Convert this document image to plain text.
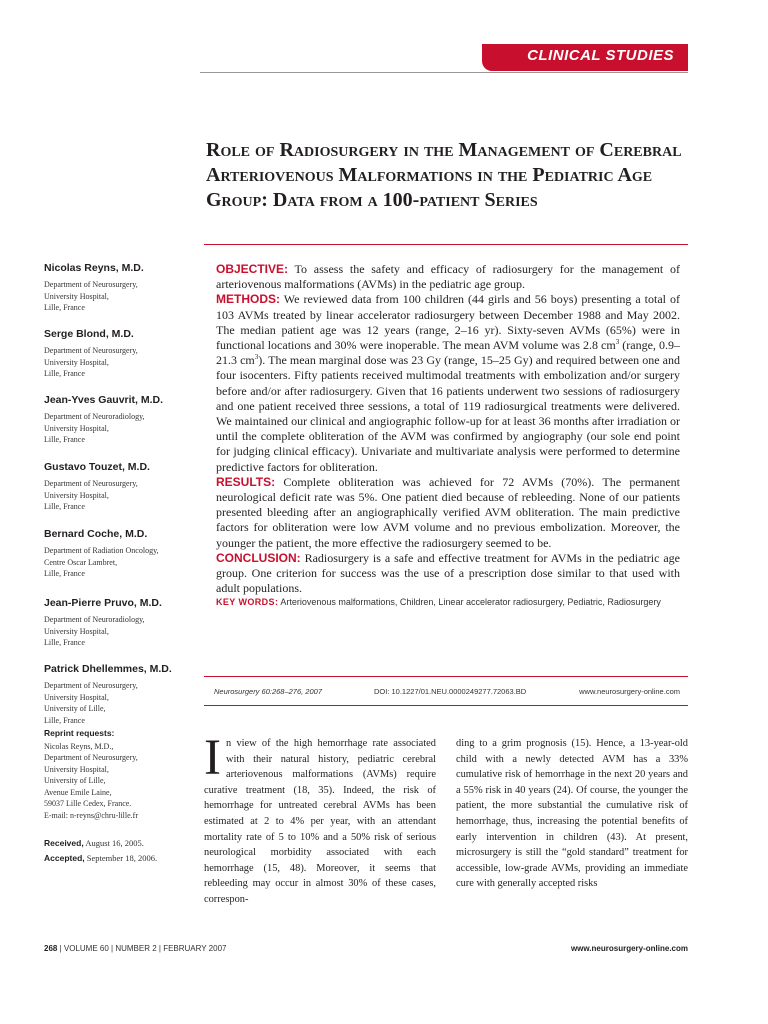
CLINICAL STUDIES
Role of Radiosurgery in the Management of Cerebral Arteriovenous Malformations in the Pediatric Age Group: Data from a 100-patient Series
Nicolas Reyns, M.D.
Department of Neurosurgery,
University Hospital,
Lille, France
Serge Blond, M.D.
Department of Neurosurgery,
University Hospital,
Lille, France
Jean-Yves Gauvrit, M.D.
Department of Neuroradiology,
University Hospital,
Lille, France
Gustavo Touzet, M.D.
Department of Neurosurgery,
University Hospital,
Lille, France
Bernard Coche, M.D.
Department of Radiation Oncology,
Centre Oscar Lambret,
Lille, France
Jean-Pierre Pruvo, M.D.
Department of Neuroradiology,
University Hospital,
Lille, France
Patrick Dhellemmes, M.D.
Department of Neurosurgery,
University Hospital,
University of Lille,
Lille, France
Reprint requests:
Nicolas Reyns, M.D.,
Department of Neurosurgery,
University Hospital,
University of Lille,
Avenue Emile Laine,
59037 Lille Cedex, France.
E-mail: n-reyns@chru-lille.fr
Received, August 16, 2005.
Accepted, September 18, 2006.

OBJECTIVE: To assess the safety and efficacy of radiosurgery for the management of arteriovenous malformations (AVMs) in the pediatric age group.

METHODS: We reviewed data from 100 children (44 girls and 56 boys) presenting a total of 103 AVMs treated by linear accelerator radiosurgery between December 1988 and May 2002. The median patient age was 12 years (range, 2–16 yr). Sixty-seven AVMs (65%) were in functional locations and 30% were inoperable. The mean AVM volume was 2.8 $cm^3$ (range, 0.9–21.3 $cm^3$). The mean marginal dose was 23 Gy (range, 15–25 Gy) and required between one and four isocenters. Fifty patients received multimodal treatments with embolization and/or surgery before and/or after radiosurgery. Given that 16 patients underwent two sessions of radiosurgery and one patient received three sessions, a total of 119 radiosurgical treatments were delivered. We maintained our clinical and angiographic follow-up for at least 36 months after irradiation or until the complete obliteration of the AVM was confirmed by angiography (our sole end point for judging clinical efficacy). Univariate and multivariate analysis were performed to determine predictive factors for obliteration.

RESULTS: Complete obliteration was achieved for 72 AVMs (70%). The permanent neurological deficit rate was 5%. One patient died because of rebleeding. None of our patients presented bleeding after an angiographically verified AVM obliteration. The main predictive factors for obliteration were low AVM volume and no previous embolization. Moreover, the younger the patient, the more effective the radiosurgery seemed to be.

CONCLUSION: Radiosurgery is a safe and effective treatment for AVMs in the pediatric age group. One criterion for success was the use of a prescription dose similar to that used with adult populations.

KEY WORDS: Arteriovenous malformations, Children, Linear accelerator radiosurgery, Pediatric, Radiosurgery

Neurosurgery 60:268–276, 2007	DOI: 10.1227/01.NEU.0000249277.72063.BD	www.neurosurgery-online.com
In view of the high hemorrhage rate associated with their natural history, pediatric cerebral arteriovenous malformations (AVMs) require curative treatment (18, 35). Indeed, the risk of hemorrhage for untreated cerebral AVMs has been estimated at 2 to 4% per year, with an attendant mortality rate of 5 to 10% and a 50% risk of serious neurological morbidity associated with each hemorrhage (15, 48). Moreover, it seems that rebleeding may occur in almost 30% of these cases, correspon-
ding to a grim prognosis (15). Hence, a 13-year-old child with a newly detected AVM has a 33% cumulative risk of hemorrhage in the next 20 years and a 55% risk in 40 years (24). Of course, the younger the patient, the more substantial the cumulative risk of hemorrhage, thus, increasing the potential benefits of early intervention in children (43). At present, microsurgery is still the “gold standard” treatment for accessible, low-grade AVMs, providing an immediate cure with generally accepted risks
268 | VOLUME 60 | NUMBER 2 | FEBRUARY 2007	www.neurosurgery-online.com
